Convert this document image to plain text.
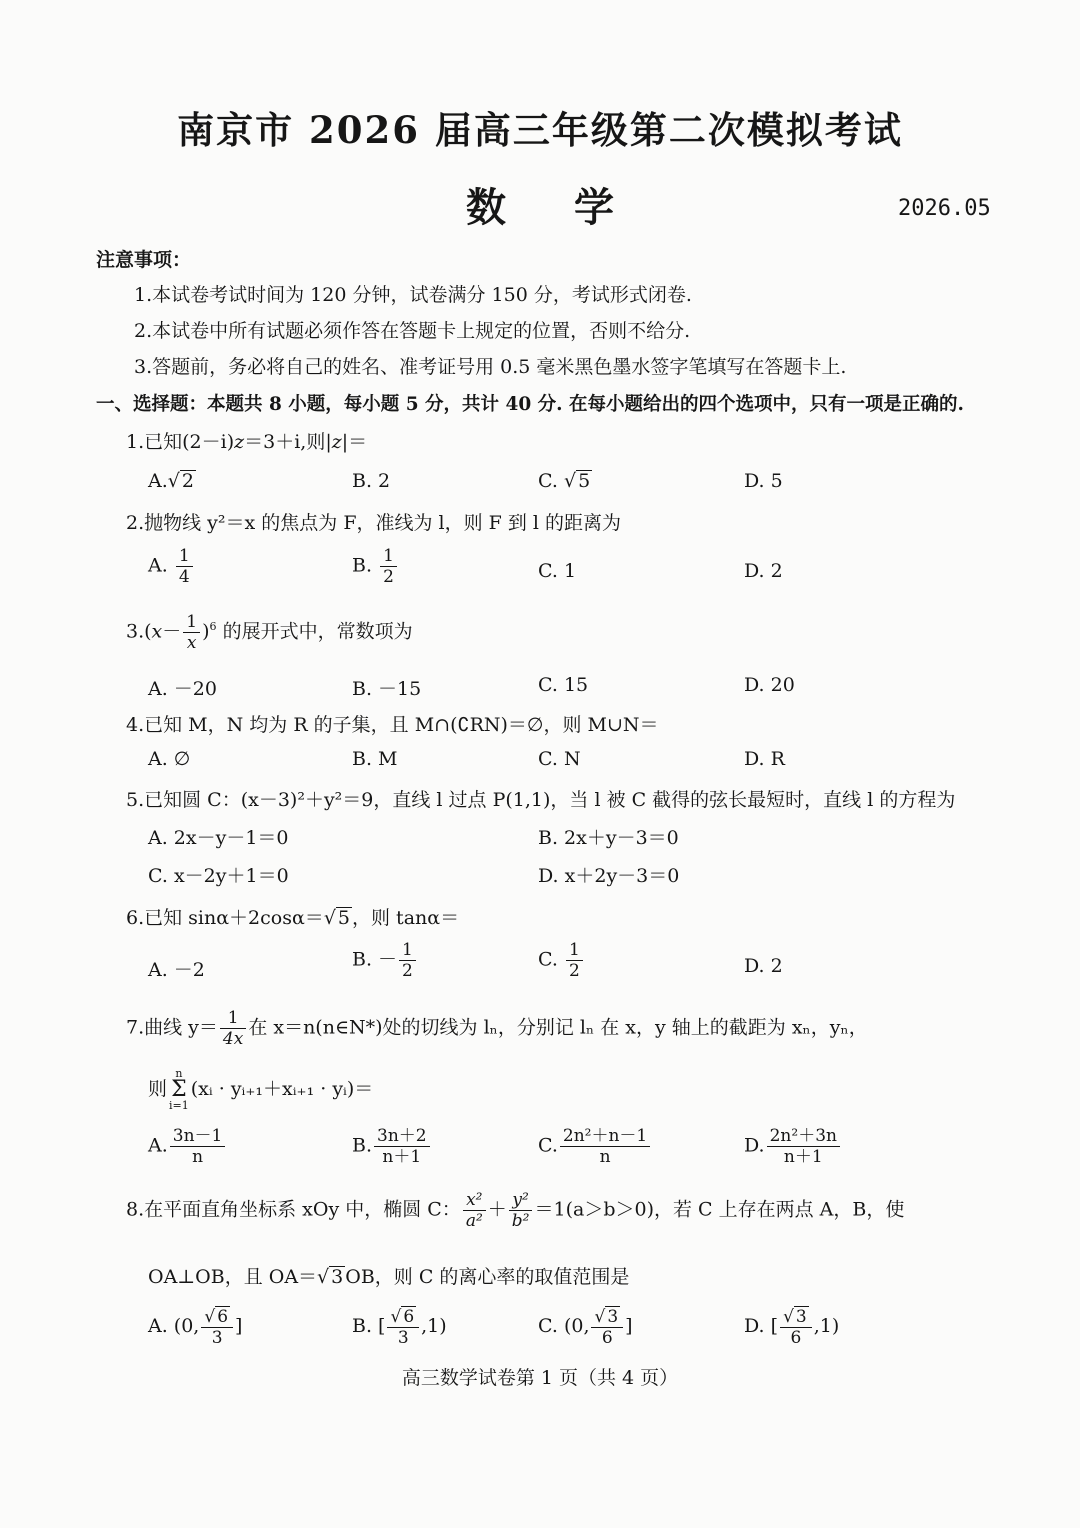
南京市 2026 届高三年级第二次模拟考试
数学	2026.05
注意事项：
1.本试卷考试时间为 120 分钟，试卷满分 150 分，考试形式闭卷.
2.本试卷中所有试题必须作答在答题卡上规定的位置，否则不给分.
3.答题前，务必将自己的姓名、准考证号用 0.5 毫米黑色墨水签字笔填写在答题卡上.
一、选择题：本题共 8 小题，每小题 5 分，共计 40 分. 在每小题给出的四个选项中，只有一项是正确的.
1.已知(2－i)z＝3＋i,则|z|＝
A.√ 2	B. 2	C. √ 5	D. 5
2.抛物线 y²＝x 的焦点为 F，准线为 l，则 F 到 l 的距离为
A. $\frac{1}{4}$	B. $\frac{1}{2}$	C. 1	D. 2
$3.(x- \frac{1}{x} )^6$ 的展开式中，常数项为
A. －20	B. －15	C. 15	D. 20
4.已知 M，N 均为 R 的子集，且 M∩(∁RN)＝∅，则 M∪N＝
A. ∅	B. M	C. N	D. R
5.已知圆 C：(x－3)²＋y²＝9，直线 l 过点 P(1,1)，当 l 被 C 截得的弦长最短时，直线 l 的方程为
A. 2x－y－1＝0	B. 2x＋y－3＝0
C. x－2y＋1＝0	D. x＋2y－3＝0
6.已知 sinα＋2cosα＝√ 5 ，则 tanα＝
A. －2	B. － $\frac{1}{2}$	C. $\frac{1}{2}$	D. 2
7.曲线 $y= \frac{1}{4x}$ 在 x＝n(n∈N*)处的切线为 lₙ，分别记 lₙ 在 x，y 轴上的截距为 xₙ，yₙ，
则n
Σ
i=1(xᵢ · yᵢ₊₁＋xᵢ₊₁ · yᵢ)＝
A. $\frac{3n-1}{n}$	B. $\frac{3n+2}{n+1}$	C. $\frac{\text{2n²＋n－1}}{n}$	D. $\frac{\text{2n²＋3n}}{n+1}$
8.在平面直角坐标系 xOy 中，椭圆 C： $\frac{\text{x²}}{\text{a²}} + \frac{\text{y²}}{\text{b²}} =1(a>b>0)$，若 C 上存在两点 A，B，使
OA⊥OB，且 OA＝√ 3 OB，则 C 的离心率的取值范围是
A. (0, $\frac{√ 6}{3}$ ]	B. [ $\frac{√ 6}{3} ,1$)	C. (0, $\frac{√ 3}{6}$ ]	D. [ $\frac{√ 3}{6} ,1$)
高三数学试卷第 1 页（共 4 页）
